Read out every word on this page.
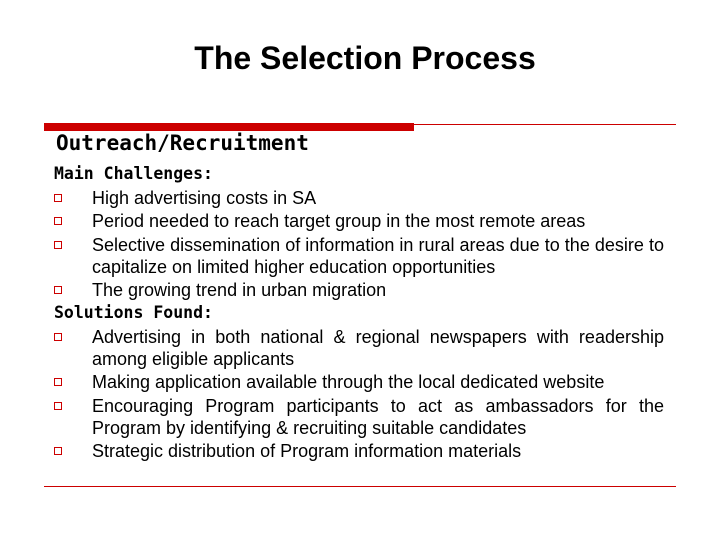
The Selection Process
Outreach/Recruitment
Main Challenges:
High advertising costs in SA
Period needed to reach target group in the most remote areas
Selective dissemination of information in rural areas due to the desire to capitalize on limited higher education opportunities
The growing trend in urban migration
Solutions Found:
Advertising in both national & regional newspapers with readership among eligible applicants
Making application available through the local dedicated website
Encouraging Program participants to act as ambassadors for the Program by identifying & recruiting suitable candidates
Strategic distribution of Program information materials
